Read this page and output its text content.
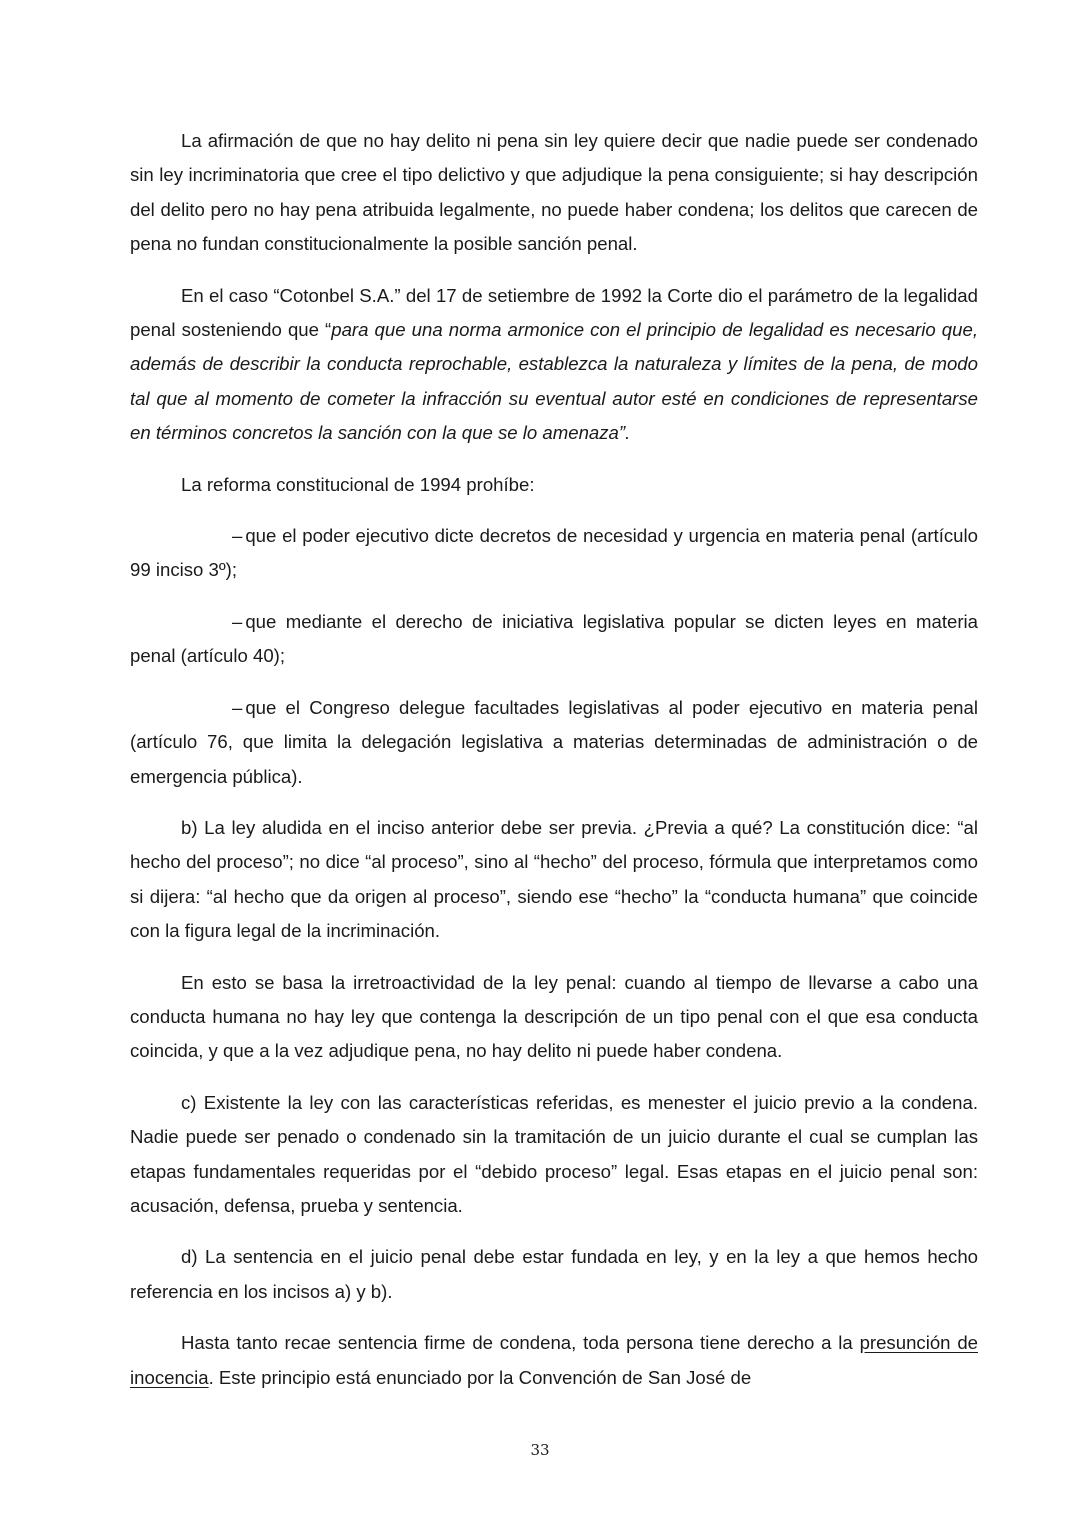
La afirmación de que no hay delito ni pena sin ley quiere decir que nadie puede ser condenado sin ley incriminatoria que cree el tipo delictivo y que adjudique la pena consiguiente; si hay descripción del delito pero no hay pena atribuida legalmente, no puede haber condena; los delitos que carecen de pena no fundan constitucionalmente la posible sanción penal.

En el caso “Cotonbel S.A.” del 17 de setiembre de 1992 la Corte dio el parámetro de la legalidad penal sosteniendo que “para que una norma armonice con el principio de legalidad es necesario que, además de describir la conducta reprochable, establezca la naturaleza y límites de la pena, de modo tal que al momento de cometer la infracción su eventual autor esté en condiciones de representarse en términos concretos la sanción con la que se lo amenaza”.

La reforma constitucional de 1994 prohíbe:

– que el poder ejecutivo dicte decretos de necesidad y urgencia en materia penal (artículo 99 inciso 3º);

– que mediante el derecho de iniciativa legislativa popular se dicten leyes en materia penal (artículo 40);

– que el Congreso delegue facultades legislativas al poder ejecutivo en materia penal (artículo 76, que limita la delegación legislativa a materias determinadas de administración o de emergencia pública).

b) La ley aludida en el inciso anterior debe ser previa. ¿Previa a qué? La constitución dice: “al hecho del proceso”; no dice “al proceso”, sino al “hecho” del proceso, fórmula que interpretamos como si dijera: “al hecho que da origen al proceso”, siendo ese “hecho” la “conducta humana” que coincide con la figura legal de la incriminación.

En esto se basa la irretroactividad de la ley penal: cuando al tiempo de llevarse a cabo una conducta humana no hay ley que contenga la descripción de un tipo penal con el que esa conducta coincida, y que a la vez adjudique pena, no hay delito ni puede haber condena.

c) Existente la ley con las características referidas, es menester el juicio previo a la condena. Nadie puede ser penado o condenado sin la tramitación de un juicio durante el cual se cumplan las etapas fundamentales requeridas por el “debido proceso” legal. Esas etapas en el juicio penal son: acusación, defensa, prueba y sentencia.

d) La sentencia en el juicio penal debe estar fundada en ley, y en la ley a que hemos hecho referencia en los incisos a) y b).

Hasta tanto recae sentencia firme de condena, toda persona tiene derecho a la presunción de inocencia. Este principio está enunciado por la Convención de San José de

33
